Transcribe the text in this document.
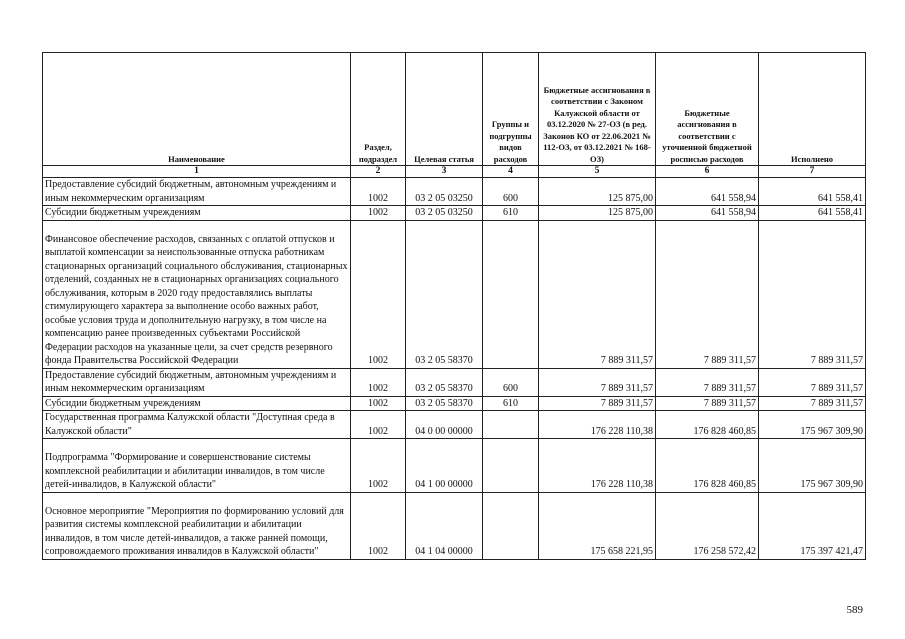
Наименование	Раздел, подраздел	Целевая статья	Группы и подгруппы видов расходов	Бюджетные ассигнования в соответствии с Законом Калужской области от 03.12.2020 № 27-ОЗ (в ред. Законов КО от 22.06.2021 № 112-ОЗ, от 03.12.2021 № 168-ОЗ)	Бюджетные ассигнования в соответствии с уточненной бюджетной росписью расходов	Исполнено
1	2	3	4	5	6	7
Предоставление субсидий бюджетным, автономным учреждениям и иным некоммерческим организациям	1002	03 2 05 03250	600	125 875,00	641 558,94	641 558,41
Субсидии бюджетным учреждениям	1002	03 2 05 03250	610	125 875,00	641 558,94	641 558,41
Финансовое обеспечение расходов, связанных с оплатой отпусков и выплатой компенсации за неиспользованные отпуска работникам стационарных организаций социального обслуживания, стационарных отделений, созданных не в стационарных организациях социального обслуживания, которым в 2020 году предоставлялись выплаты стимулирующего характера за выполнение особо важных работ, особые условия труда и дополнительную нагрузку, в том числе на компенсацию ранее произведенных субъектами Российской Федерации расходов на указанные цели, за счет средств резервного фонда Правительства Российской Федерации	1002	03 2 05 58370		7 889 311,57	7 889 311,57	7 889 311,57
Предоставление субсидий бюджетным, автономным учреждениям и иным некоммерческим организациям	1002	03 2 05 58370	600	7 889 311,57	7 889 311,57	7 889 311,57
Субсидии бюджетным учреждениям	1002	03 2 05 58370	610	7 889 311,57	7 889 311,57	7 889 311,57
Государственная программа Калужской области "Доступная среда в Калужской области"	1002	04 0 00 00000		176 228 110,38	176 828 460,85	175 967 309,90
Подпрограмма "Формирование и совершенствование системы комплексной реабилитации и абилитации инвалидов, в том числе детей-инвалидов, в Калужской области"	1002	04 1 00 00000		176 228 110,38	176 828 460,85	175 967 309,90
Основное мероприятие "Мероприятия по формированию условий для развития системы комплексной реабилитации и абилитации инвалидов, в том числе детей-инвалидов, а также ранней помощи, сопровождаемого проживания инвалидов в Калужской области"	1002	04 1 04 00000		175 658 221,95	176 258 572,42	175 397 421,47
589
